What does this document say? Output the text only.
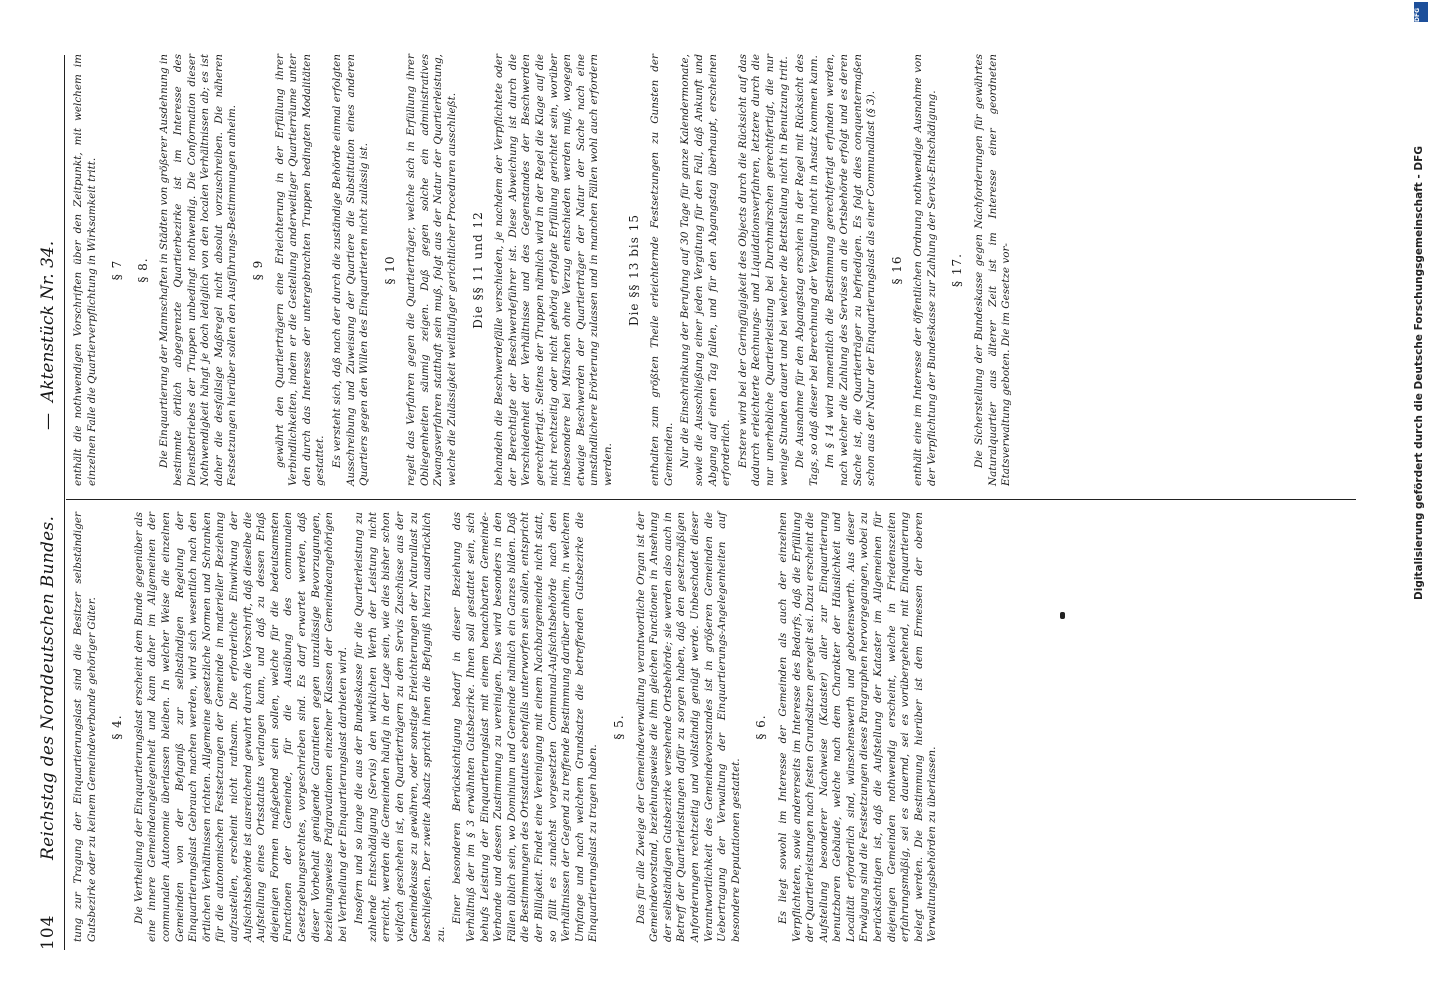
104
Reichstag des Norddeutschen Bundes.
—
Aktenstück Nr. 34.

tung zur Tragung der Einquartierungslast sind die Besitzer selbständiger Gutsbezirke oder zu keinem Gemeindeverbande gehöriger Güter. § 4. Die Vertheilung der Einquartierungslast erscheint dem Bunde gegenüber als eine innere Gemeindeangelegenheit und kann daher im Allgemeinen der communalen Autonomie überlassen bleiben. In welcher Weise die einzelnen Gemeinden von der Befugniß zur selbständigen Regelung der Einquartierungslast Gebrauch machen werden, wird sich wesentlich nach den örtlichen Verhältnissen richten. Allgemeine gesetzliche Normen und Schranken für die autonomischen Festsetzungen der Gemeinde in materieller Beziehung aufzustellen, erscheint nicht rathsam. Die erforderliche Einwirkung der Aufsichtsbehörde ist ausreichend gewahrt durch die Vorschrift, daß dieselbe die Aufstellung eines Ortsstatuts verlangen kann, und daß zu dessen Erlaß diejenigen Formen maßgebend sein sollen, welche für die bedeutsamsten Functionen der Gemeinde, für die Ausübung des communalen Gesetzgebungsrechtes, vorgeschrieben sind. Es darf erwartet werden, daß dieser Vorbehalt genügende Garantieen gegen unzulässige Bevorzugungen, beziehungsweise Prägravationen einzelner Klassen der Gemeindeangehörigen bei Vertheilung der Einquartierungslast darbieten wird. Insofern und so lange die aus der Bundeskasse für die Quartierleistung zu zahlende Entschädigung (Servis) den wirklichen Werth der Leistung nicht erreicht, werden die Gemeinden häufig in der Lage sein, wie dies bisher schon vielfach geschehen ist, den Quartierträgern zu dem Servis Zuschüsse aus der Gemeindekasse zu gewähren, oder sonstige Erleichterungen der Naturallast zu beschließen. Der zweite Absatz spricht ihnen die Befugniß hierzu ausdrücklich zu.

Einer besonderen Berücksichtigung bedarf in dieser Beziehung das Verhältniß der im § 3 erwähnten Gutsbezirke. Ihnen soll gestattet sein, sich behufs Leistung der Einquartierungslast mit einem benachbarten Gemeinde-Verbande und dessen Zustimmung zu vereinigen. Dies wird besonders in den Fällen üblich sein, wo Dominium und Gemeinde nämlich ein Ganzes bilden. Daß die Bestimmungen des Ortsstatutes ebenfalls unterworfen sein sollen, entspricht der Billigkeit. Findet eine Vereinigung mit einem Nachbargemeinde nicht statt, so fällt es zunächst vorgesetzten Communal-Aufsichtsbehörde nach den Verhältnissen der Gegend zu treffende Bestimmung darüber anheim, in welchem Umfange und nach welchem Grundsatze die betreffenden Gutsbezirke die Einquartierungslast zu tragen haben.

§ 5. Das für alle Zweige der Gemeindeverwaltung verantwortliche Organ ist der Gemeindevorstand, beziehungsweise die ihm gleichen Functionen in Ansehung der selbständigen Gutsbezirke versehende Ortsbehörde; sie werden also auch in Betreff der Quartierleistungen dafür zu sorgen haben, daß den gesetzmäßigen Anforderungen rechtzeitig und vollständig genügt werde. Unbeschadet dieser Verantwortlichkeit des Gemeindevorstandes ist in größeren Gemeinden die Uebertragung der Verwaltung der Einquartierungs-Angelegenheiten auf besondere Deputationen gestattet.

§ 6. Es liegt sowohl im Interesse der Gemeinden als auch der einzelnen Verpflichteten, sowie andererseits im Interesse des Bedarfs, daß die Erfüllung der Quartierleistungen nach festen Grundsätzen geregelt sei. Dazu erscheint die Aufstellung besonderer Nachweise (Kataster) aller zur Einquartierung benutzbaren Gebäude, welche nach dem Charakter der Häuslichkeit und Localität erforderlich sind, wünschenswerth und gebotenswerth. Aus dieser Erwägung sind die Festsetzungen dieses Paragraphen hervorgegangen, wobei zu berücksichtigen ist, daß die Aufstellung der Kataster im Allgemeinen für diejenigen Gemeinden nothwendig erscheint, welche in Friedenszeiten erfahrungsmäßig, sei es dauernd, sei es vorübergehend, mit Einquartierung belegt werden. Die Bestimmung hierüber ist dem Ermessen der oberen Verwaltungsbehörden zu überlassen.

enthält die nothwendigen Vorschriften über den Zeitpunkt, mit welchem im einzelnen Falle die Quartierverpflichtung in Wirksamkeit tritt. § 7 § 8. Die Einquartierung der Mannschaften in Städten von größerer Ausdehnung in bestimmte örtlich abgegrenzte Quartierbezirke ist im Interesse des Dienstbetriebes der Truppen unbedingt nothwendig. Die Conformation dieser Nothwendigkeit hängt je doch lediglich von den localen Verhältnissen ab; es ist daher die desfallsige Maßregel nicht absolut vorzuschreiben. Die näheren Festsetzungen hierüber sollen den Ausführungs-Bestimmungen anheim. § 9 gewährt den Quartierträgern eine Erleichterung in der Erfüllung ihrer Verbindlichkeiten, indem er die Gestellung anderweitiger Quartierräume unter den durch das Interesse der untergebrachten Truppen bedingten Modalitäten gestattet. Es versteht sich, daß nach der durch die zuständige Behörde einmal erfolgten Ausschreibung und Zuweisung der Quartiere die Substitution eines anderen Quartiers gegen den Willen des Einquartierten nicht zulässig ist. § 10 regelt das Verfahren gegen die Quartierträger, welche sich in Erfüllung ihrer Obliegenheiten säumig zeigen. Daß gegen solche ein administratives Zwangsverfahren statthaft sein muß, folgt aus der Natur der Quartierleistung, welche die Zulässigkeit weitläufiger gerichtlicher Proceduren ausschließt. Die §§ 11 und 12 behandeln die Beschwerdefälle verschieden, je nachdem der Verpflichtete oder der Berechtigte der Beschwerdeführer ist. Diese Abweichung ist durch die Verschiedenheit der Verhältnisse und des Gegenstandes der Beschwerden gerechtfertigt. Seitens der Truppen nämlich wird in der Regel die Klage auf die nicht rechtzeitig oder nicht gehörig erfolgte Erfüllung gerichtet sein, worüber insbesondere bei Märschen ohne Verzug entschieden werden muß, wogegen etwaige Beschwerden der Quartierträger der Natur der Sache nach eine umständlichere Erörterung zulassen und in manchen Fällen wohl auch erfordern werden.

Die §§ 13 bis 15 enthalten zum größten Theile erleichternde Festsetzungen zu Gunsten der Gemeinden. Nur die Einschränkung der Berufung auf 30 Tage für ganze Kalendermonate, sowie die Ausschließung einer jeden Vergütung für den Fall, daß Ankunft und Abgang auf einen Tag fallen, und für den Abgangstag überhaupt, erscheinen erforderlich. Erstere wird bei der Geringfügigkeit des Objects durch die Rücksicht auf das dadurch erleichterte Rechnungs- und Liquidationsverfahren, letztere durch die nur unerhebliche Quartierleistung bei Durchmärschen gerechtfertigt, die nur wenige Stunden dauert und bei welcher die Bettstellung nicht in Benutzung tritt. Die Ausnahme für den Abgangstag erschien in der Regel mit Rücksicht des Tags, so daß dieser bei Berechnung der Vergütung nicht in Ansatz kommen kann. Im § 14 wird namentlich die Bestimmung gerechtfertigt erfunden werden, nach welcher die Zahlung des Servises an die Ortsbehörde erfolgt und es deren Sache ist, die Quartierträger zu befriedigen. Es folgt dies conquentermaßen schon aus der Natur der Einquartierungslast als einer Communallast (§ 3). § 16 enthält eine im Interesse der öffentlichen Ordnung nothwendige Ausnahme von der Verpflichtung der Bundeskasse zur Zahlung der Servis-Entschädigung. § 17. Die Sicherstellung der Bundeskasse gegen Nachforderungen für gewährtes Naturalquartier aus älterer Zeit ist im Interesse einer geordneten Etatsverwaltung geboten. Die im Gesetze vor-

DFG
Digitalisierung gefördert durch die Deutsche Forschungsgemeinschaft - DFG
